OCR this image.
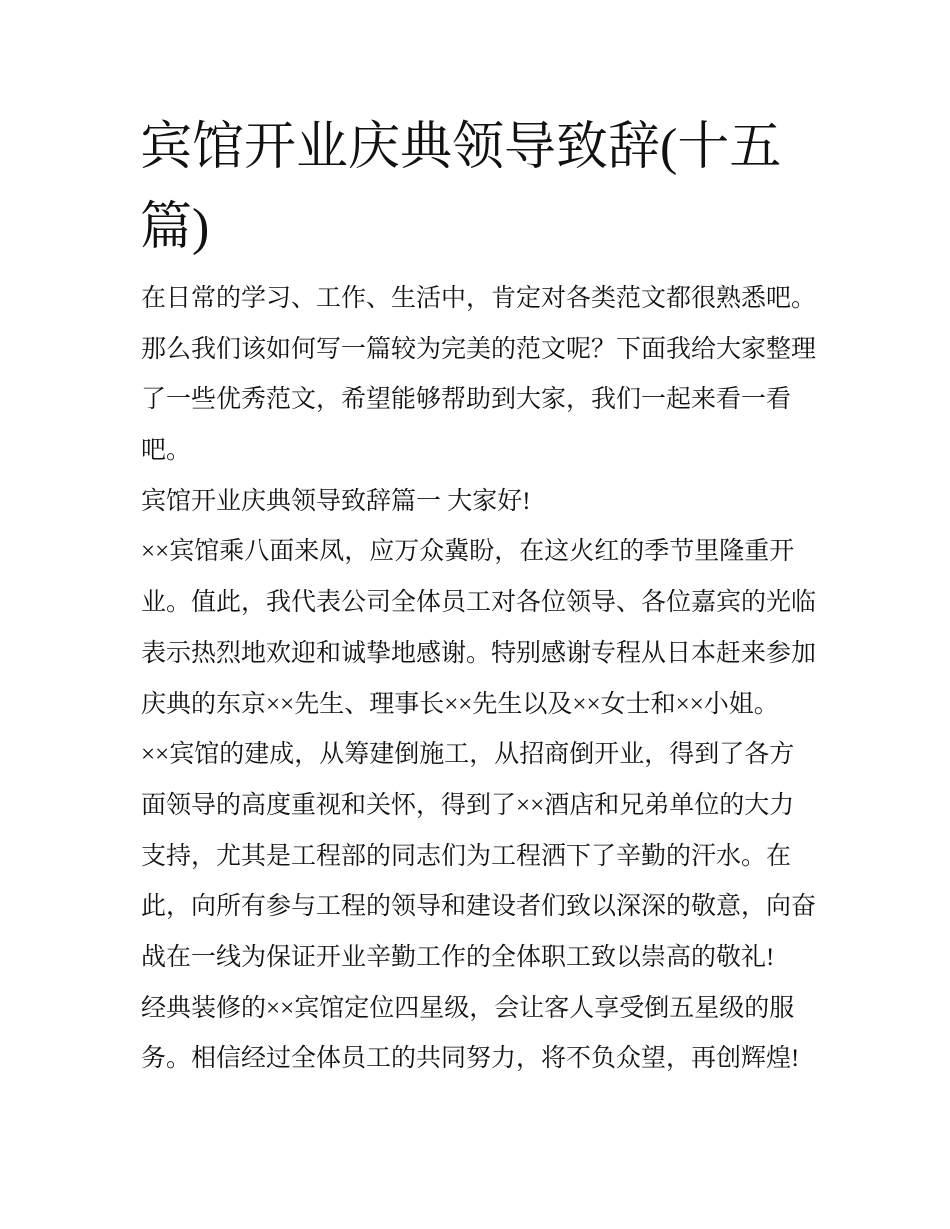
宾馆开业庆典领导致辞(十五
篇)
在日常的学习、工作、生活中，肯定对各类范文都很熟悉吧。
那么我们该如何写一篇较为完美的范文呢？下面我给大家整理
了一些优秀范文，希望能够帮助到大家，我们一起来看一看
吧。
宾馆开业庆典领导致辞篇一 大家好!
××宾馆乘八面来凤，应万众冀盼，在这火红的季节里隆重开
业。值此，我代表公司全体员工对各位领导、各位嘉宾的光临
表示热烈地欢迎和诚挚地感谢。特别感谢专程从日本赶来参加
庆典的东京××先生、理事长××先生以及××女士和××小姐。
××宾馆的建成，从筹建倒施工，从招商倒开业，得到了各方
面领导的高度重视和关怀，得到了××酒店和兄弟单位的大力
支持，尤其是工程部的同志们为工程洒下了辛勤的汗水。在
此，向所有参与工程的领导和建设者们致以深深的敬意，向奋
战在一线为保证开业辛勤工作的全体职工致以崇高的敬礼!
经典装修的××宾馆定位四星级，会让客人享受倒五星级的服
务。相信经过全体员工的共同努力，将不负众望，再创辉煌!
